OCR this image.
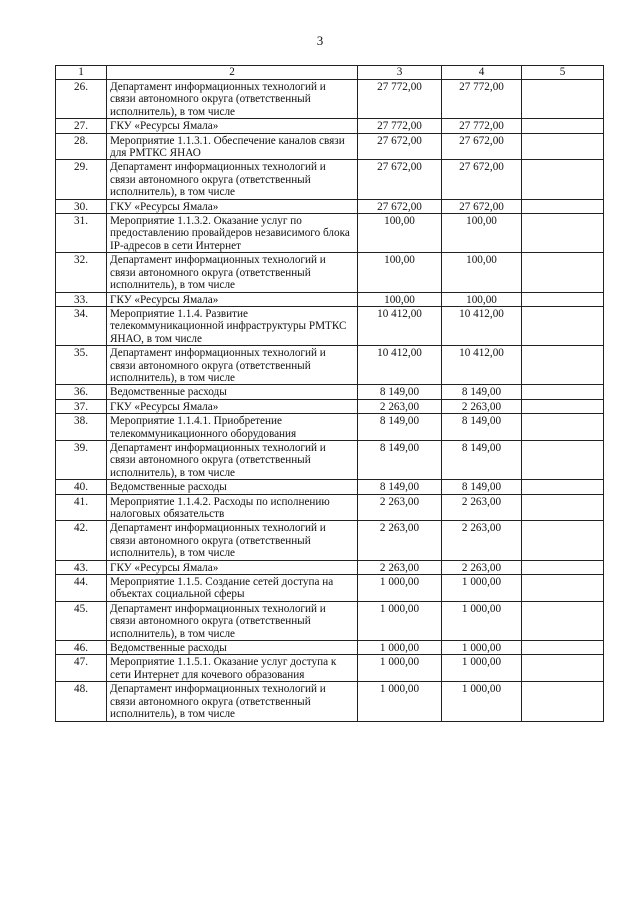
3
1	2	3	4	5
26.	Департамент информационных технологий и связи автономного округа (ответственный исполнитель), в том числе	27 772,00	27 772,00	
27.	ГКУ «Ресурсы Ямала»	27 772,00	27 772,00	
28.	Мероприятие 1.1.3.1. Обеспечение каналов связи для РМТКС ЯНАО	27 672,00	27 672,00	
29.	Департамент информационных технологий и связи автономного округа (ответственный исполнитель), в том числе	27 672,00	27 672,00	
30.	ГКУ «Ресурсы Ямала»	27 672,00	27 672,00	
31.	Мероприятие 1.1.3.2. Оказание услуг по предоставлению провайдеров независимого блока IP-адресов в сети Интернет	100,00	100,00	
32.	Департамент информационных технологий и связи автономного округа (ответственный исполнитель), в том числе	100,00	100,00	
33.	ГКУ «Ресурсы Ямала»	100,00	100,00	
34.	Мероприятие 1.1.4. Развитие телекоммуникационной инфраструктуры РМТКС ЯНАО, в том числе	10 412,00	10 412,00	
35.	Департамент информационных технологий и связи автономного округа (ответственный исполнитель), в том числе	10 412,00	10 412,00	
36.	Ведомственные расходы	8 149,00	8 149,00	
37.	ГКУ «Ресурсы Ямала»	2 263,00	2 263,00	
38.	Мероприятие 1.1.4.1. Приобретение телекоммуникационного оборудования	8 149,00	8 149,00	
39.	Департамент информационных технологий и связи автономного округа (ответственный исполнитель), в том числе	8 149,00	8 149,00	
40.	Ведомственные расходы	8 149,00	8 149,00	
41.	Мероприятие 1.1.4.2. Расходы по исполнению налоговых обязательств	2 263,00	2 263,00	
42.	Департамент информационных технологий и связи автономного округа (ответственный исполнитель), в том числе	2 263,00	2 263,00	
43.	ГКУ «Ресурсы Ямала»	2 263,00	2 263,00	
44.	Мероприятие 1.1.5. Создание сетей доступа на объектах социальной сферы	1 000,00	1 000,00	
45.	Департамент информационных технологий и связи автономного округа (ответственный исполнитель), в том числе	1 000,00	1 000,00	
46.	Ведомственные расходы	1 000,00	1 000,00	
47.	Мероприятие 1.1.5.1. Оказание услуг доступа к сети Интернет для кочевого образования	1 000,00	1 000,00	
48.	Департамент информационных технологий и связи автономного округа (ответственный исполнитель), в том числе	1 000,00	1 000,00	
